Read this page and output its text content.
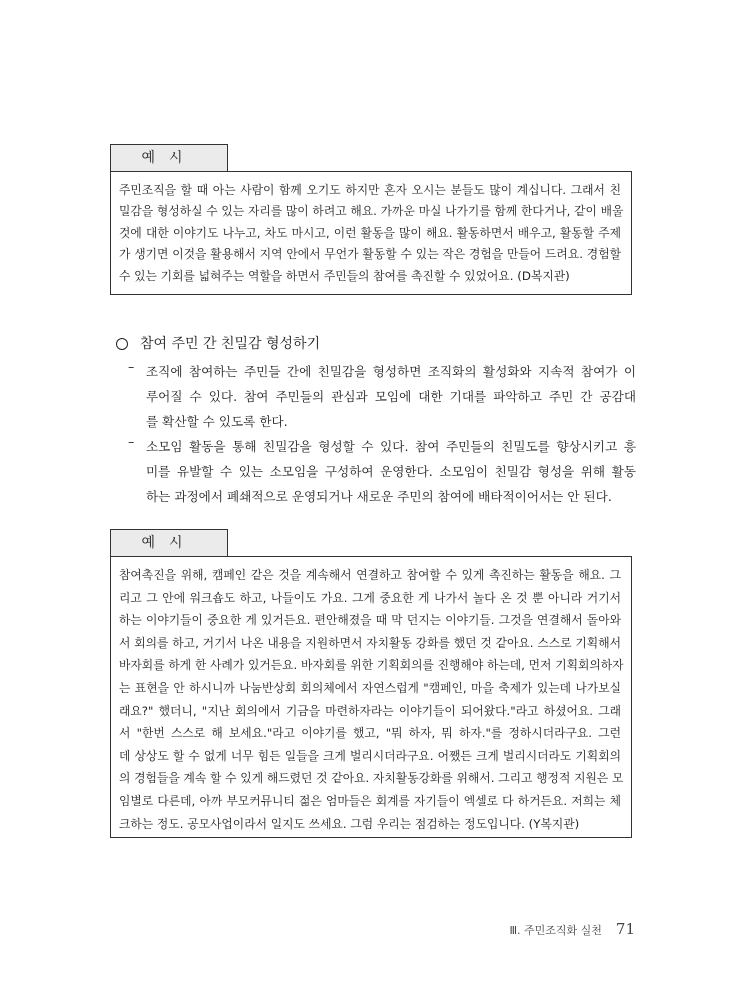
예시
주민조직을 할 때 아는 사람이 함께 오기도 하지만 혼자 오시는 분들도 많이 계십니다. 그래서 친
밀감을 형성하실 수 있는 자리를 많이 하려고 해요. 가까운 마실 나가기를 함께 한다거나, 같이 배울
것에 대한 이야기도 나누고, 차도 마시고, 이런 활동을 많이 해요. 활동하면서 배우고, 활동할 주제
가 생기면 이것을 활용해서 지역 안에서 무언가 활동할 수 있는 작은 경험을 만들어 드려요. 경험할
수 있는 기회를 넓혀주는 역할을 하면서 주민들의 참여를 촉진할 수 있었어요. (D복지관)
참여 주민 간 친밀감 형성하기
– 조직에 참여하는 주민들 간에 친밀감을 형성하면 조직화의 활성화와 지속적 참여가 이
루어질 수 있다. 참여 주민들의 관심과 모임에 대한 기대를 파악하고 주민 간 공감대
를 확산할 수 있도록 한다.
– 소모임 활동을 통해 친밀감을 형성할 수 있다. 참여 주민들의 친밀도를 향상시키고 흥
미를 유발할 수 있는 소모임을 구성하여 운영한다. 소모임이 친밀감 형성을 위해 활동
하는 과정에서 폐쇄적으로 운영되거나 새로운 주민의 참여에 배타적이어서는 안 된다.
예시
참여촉진을 위해, 캠페인 같은 것을 계속해서 연결하고 참여할 수 있게 촉진하는 활동을 해요. 그
리고 그 안에 워크숍도 하고, 나들이도 가요. 그게 중요한 게 나가서 놀다 온 것 뿐 아니라 거기서
하는 이야기들이 중요한 게 있거든요. 편안해졌을 때 막 던지는 이야기들. 그것을 연결해서 돌아와
서 회의를 하고, 거기서 나온 내용을 지원하면서 자치활동 강화를 했던 것 같아요. 스스로 기획해서
바자회를 하게 한 사례가 있거든요. 바자회를 위한 기획회의를 진행해야 하는데, 먼저 기획회의하자
는 표현을 안 하시니까 나눔반상회 회의체에서 자연스럽게 "캠페인, 마을 축제가 있는데 나가보실
래요?" 했더니, "지난 회의에서 기금을 마련하자라는 이야기들이 되어왔다."라고 하셨어요. 그래
서 "한번 스스로 해 보세요."라고 이야기를 했고, "뭐 하자, 뭐 하자."를 정하시더라구요. 그런
데 상상도 할 수 없게 너무 힘든 일들을 크게 벌리시더라구요. 어쨌든 크게 벌리시더라도 기획회의
의 경험들을 계속 할 수 있게 해드렸던 것 같아요. 자치활동강화를 위해서. 그리고 행정적 지원은 모
임별로 다른데, 아까 부모커뮤니티 젊은 엄마들은 회계를 자기들이 엑셀로 다 하거든요. 저희는 체
크하는 정도. 공모사업이라서 일지도 쓰세요. 그럼 우리는 점검하는 정도입니다. (Y복지관)
Ⅲ. 주민조직화 실천 71
